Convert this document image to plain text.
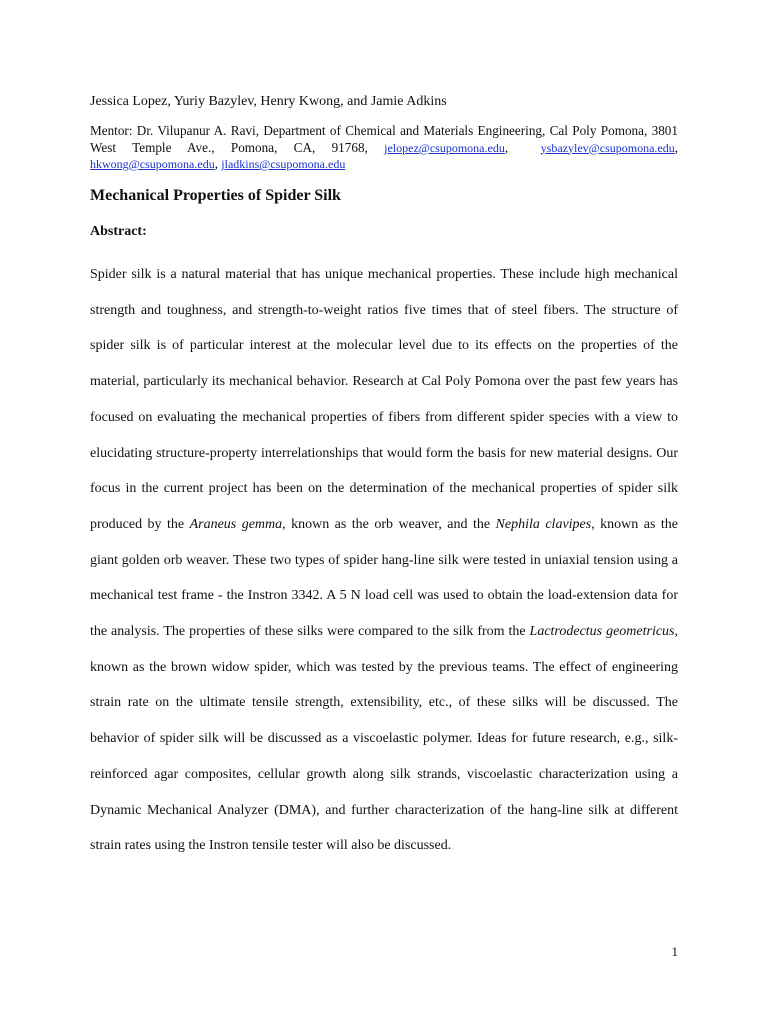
Jessica Lopez, Yuriy Bazylev, Henry Kwong, and Jamie Adkins
Mentor: Dr. Vilupanur A. Ravi, Department of Chemical and Materials Engineering, Cal Poly Pomona, 3801 West Temple Ave., Pomona, CA, 91768, jelopez@csupomona.edu,  ysbazylev@csupomona.edu, hkwong@csupomona.edu, jladkins@csupomona.edu
Mechanical Properties of Spider Silk
Abstract:

Spider silk is a natural material that has unique mechanical properties. These include high mechanical strength and toughness, and strength-to-weight ratios five times that of steel fibers. The structure of spider silk is of particular interest at the molecular level due to its effects on the properties of the material, particularly its mechanical behavior. Research at Cal Poly Pomona over the past few years has focused on evaluating the mechanical properties of fibers from different spider species with a view to elucidating structure-property interrelationships that would form the basis for new material designs. Our focus in the current project has been on the determination of the mechanical properties of spider silk produced by the Araneus gemma, known as the orb weaver, and the Nephila clavipes, known as the giant golden orb weaver. These two types of spider hang-line silk were tested in uniaxial tension using a mechanical test frame - the Instron 3342. A 5 N load cell was used to obtain the load-extension data for the analysis. The properties of these silks were compared to the silk from the Lactrodectus geometricus, known as the brown widow spider, which was tested by the previous teams. The effect of engineering strain rate on the ultimate tensile strength, extensibility, etc., of these silks will be discussed. The behavior of spider silk will be discussed as a viscoelastic polymer. Ideas for future research, e.g., silk-reinforced agar composites, cellular growth along silk strands, viscoelastic characterization using a Dynamic Mechanical Analyzer (DMA), and further characterization of the hang-line silk at different strain rates using the Instron tensile tester will also be discussed.

1
